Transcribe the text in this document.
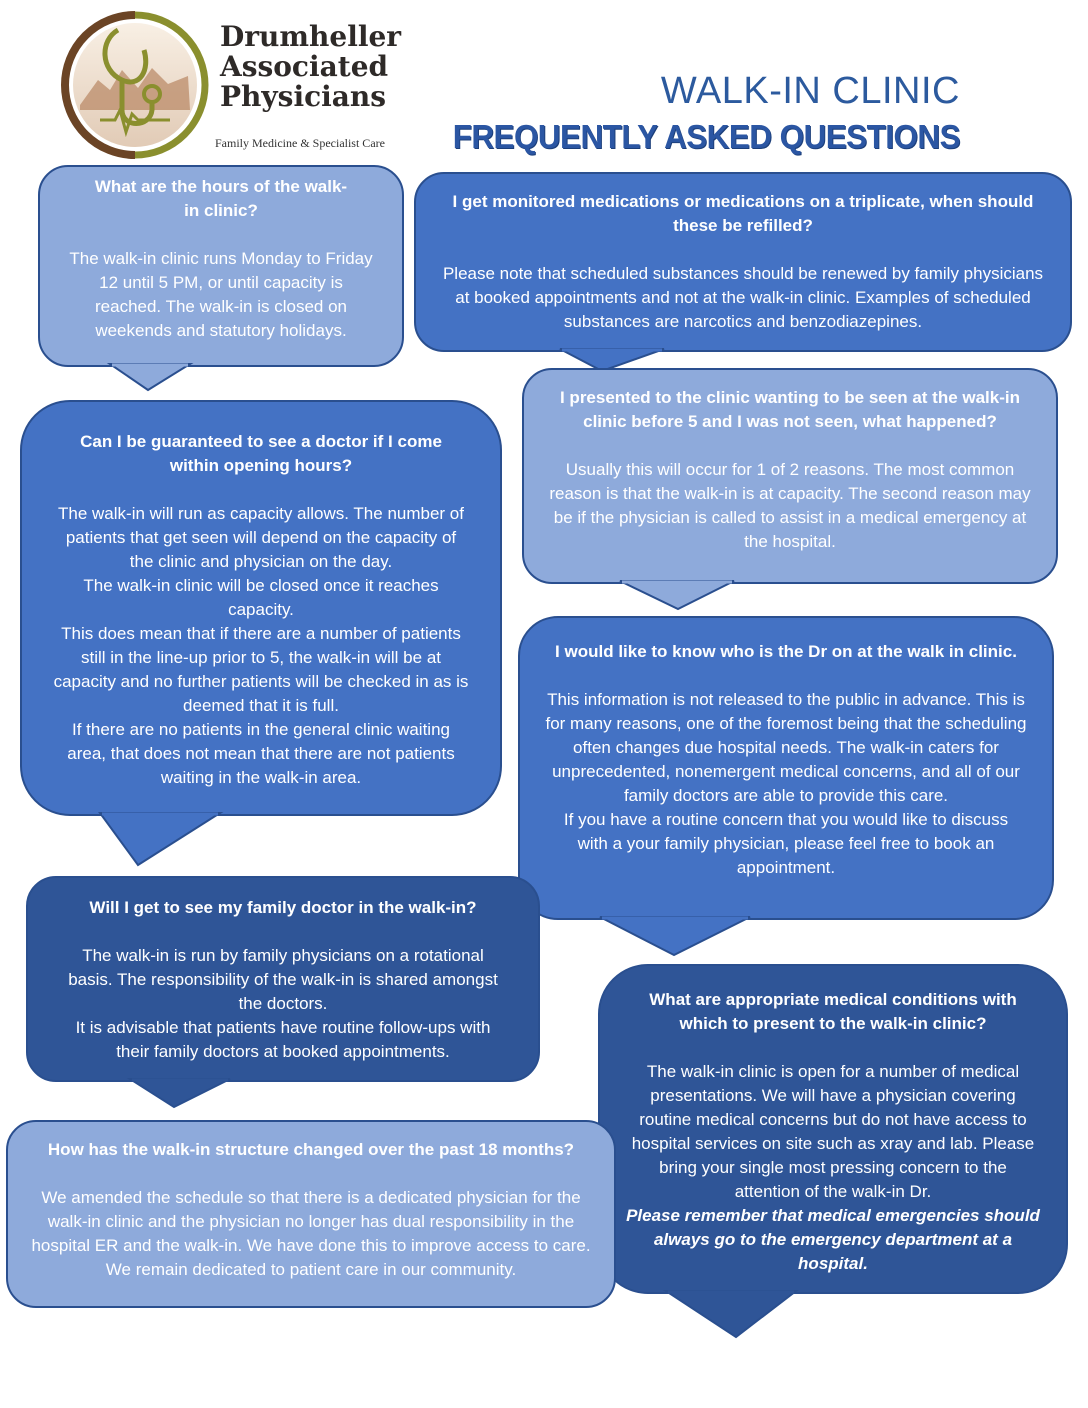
Drumheller
Associated
Physicians
Family Medicine & Specialist Care
WALK-IN CLINIC
FREQUENTLY ASKED QUESTIONS
What are the hours of the walk-in clinic?
The walk-in clinic runs Monday to Friday 12 until 5 PM, or until capacity is reached. The walk-in is closed on weekends and statutory holidays.
I get monitored medications or medications on a triplicate, when should these be refilled?
Please note that scheduled substances should be renewed by family physicians at booked appointments and not at the walk-in clinic. Examples of scheduled substances are narcotics and benzodiazepines.
I presented to the clinic wanting to be seen at the walk-in clinic before 5 and I was not seen, what happened?
Usually this will occur for 1 of 2 reasons. The most common reason is that the walk-in is at capacity. The second reason may be if the physician is called to assist in a medical emergency at the hospital.
Can I be guaranteed to see a doctor if I come within opening hours?
The walk-in will run as capacity allows. The number of patients that get seen will depend on the capacity of the clinic and physician on the day.
The walk-in clinic will be closed once it reaches capacity.
This does mean that if there are a number of patients still in the line-up prior to 5, the walk-in will be at capacity and no further patients will be checked in as is deemed that it is full.
If there are no patients in the general clinic waiting area, that does not mean that there are not patients waiting in the walk-in area.
I would like to know who is the Dr on at the walk in clinic.
This information is not released to the public in advance. This is for many reasons, one of the foremost being that the scheduling often changes due hospital needs. The walk-in caters for unprecedented, nonemergent medical concerns, and all of our family doctors are able to provide this care.
If you have a routine concern that you would like to discuss with a your family physician, please feel free to book an appointment.
Will I get to see my family doctor in the walk-in?
The walk-in is run by family physicians on a rotational basis. The responsibility of the walk-in is shared amongst the doctors.
It is advisable that patients have routine follow-ups with their family doctors at booked appointments.
What are appropriate medical conditions with which to present to the walk-in clinic?
The walk-in clinic is open for a number of medical presentations. We will have a physician covering routine medical concerns but do not have access to hospital services on site such as xray and lab. Please bring your single most pressing concern to the attention of the walk-in Dr.
Please remember that medical emergencies should always go to the emergency department at a hospital.
How has the walk-in structure changed over the past 18 months?
We amended the schedule so that there is a dedicated physician for the walk-in clinic and the physician no longer has dual responsibility in the hospital ER and the walk-in. We have done this to improve access to care. We remain dedicated to patient care in our community.
